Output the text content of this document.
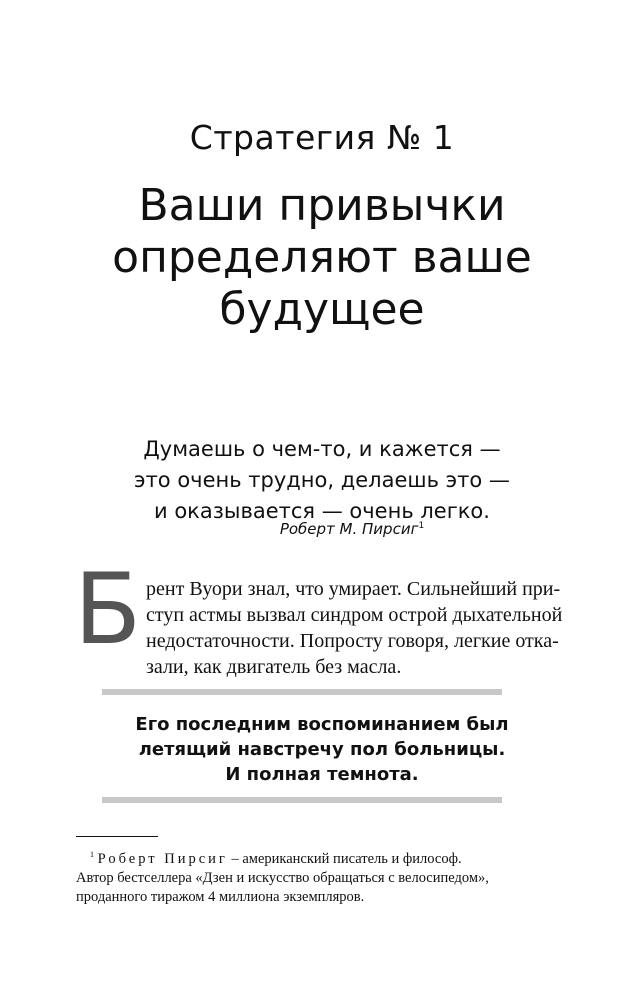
Стратегия № 1
Ваши привычки
определяют ваше
будущее
Думаешь о чем-то, и кажется —
это очень трудно, делаешь это —
и оказывается — очень легко.
Роберт М. Пирсиг$^1$
Б рент Вуори знал, что умирает. Сильнейший при-
ступ астмы вызвал синдром острой дыхательной
недостаточности. Попросту говоря, легкие отка-
зали, как двигатель без масла.
Его последним воспоминанием был
летящий навстречу пол больницы.
И полная темнота.
$^1$ Роберт Пирсиг – американский писатель и философ.
Автор бестселлера «Дзен и искусство обращаться с велосипедом»,
проданного тиражом 4 миллиона экземпляров.
